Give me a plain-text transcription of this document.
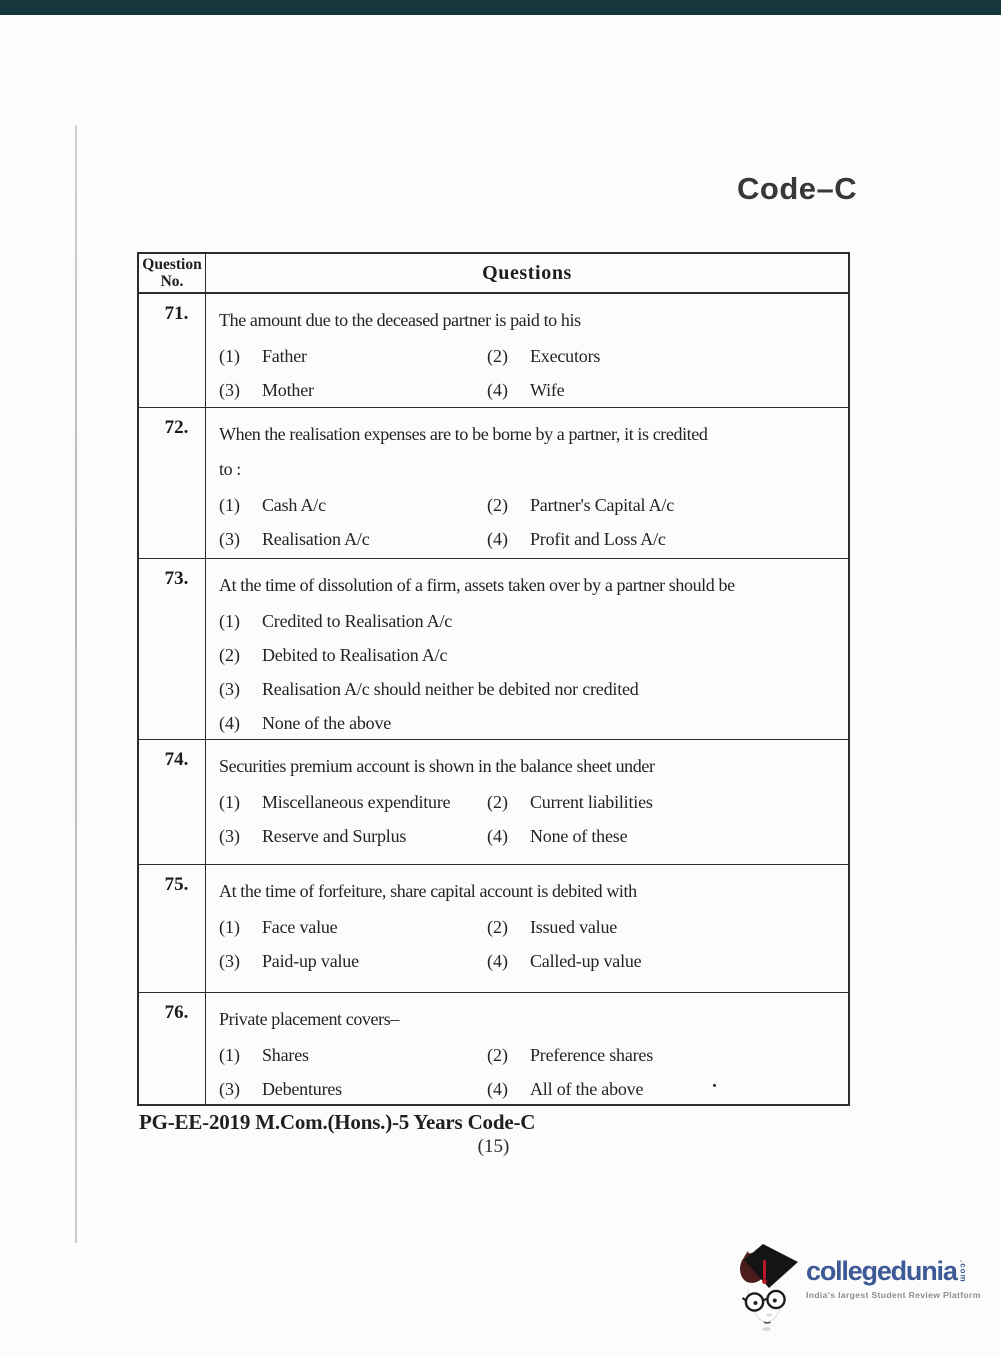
Code–C
Question
No.	Questions
71.	The amount due to the deceased partner is paid to his
(1)	Father	(2)	Executors
(3)	Mother	(4)	Wife
72.	When the realisation expenses are to be borne by a partner, it is credited
to :
(1)	Cash A/c	(2)	Partner's Capital A/c
(3)	Realisation A/c	(4)	Profit and Loss A/c
73.	At the time of dissolution of a firm, assets taken over by a partner should be
(1)	Credited to Realisation A/c
(2)	Debited to Realisation A/c
(3)	Realisation A/c should neither be debited nor credited
(4)	None of the above
74.	Securities premium account is shown in the balance sheet under
(1)	Miscellaneous expenditure (2)	Current liabilities
(3)	Reserve and Surplus	(4)	None of these
75.	At the time of forfeiture, share capital account is debited with
(1)	Face value	(2)	Issued value
(3)	Paid-up value	(4)	Called-up value
76.	Private placement covers–
(1)	Shares	(2)	Preference shares
(3)	Debentures	(4)	All of the above	.
PG-EE-2019 M.Com.(Hons.)-5 Years Code-C
(15)
collegedunia .com
India's largest Student Review Platform
